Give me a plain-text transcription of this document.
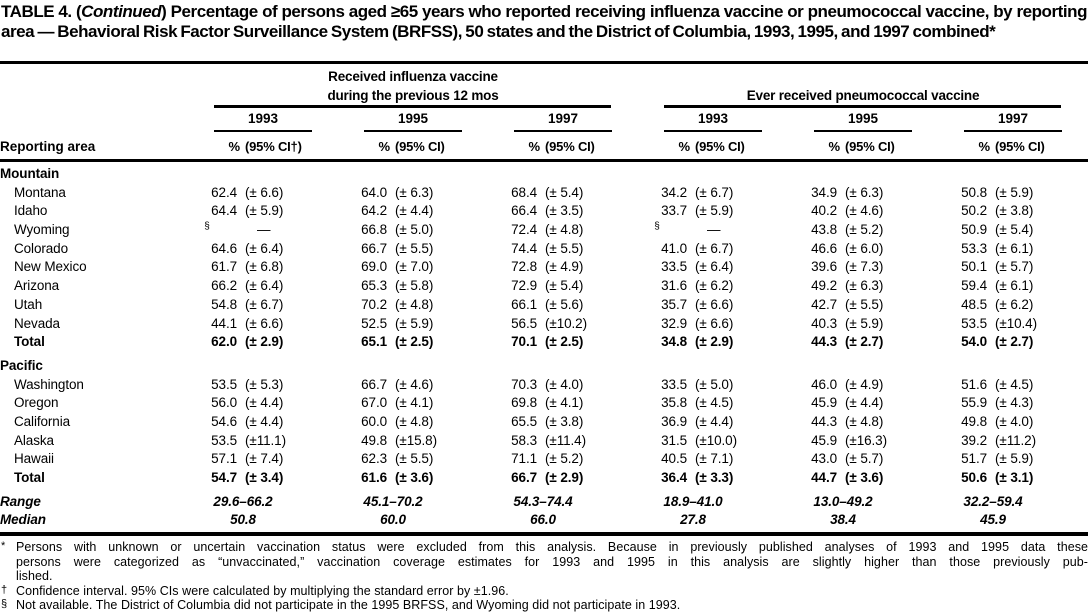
TABLE 4. (Continued) Percentage of persons aged ≥65 years who reported receiving influenza vaccine or pneumococcal vaccine, by reporting area — Behavioral Risk Factor Surveillance System (BRFSS), 50 states and the District of Columbia, 1993, 1995, and 1997 combined*
Received influenza vaccine
during the previous 12 mos	Ever received pneumococcal vaccine
1993	1995	1997	1993	1995	1997
%	%	%	%	%	%
(95% CI†)	(95% CI)	(95% CI)	(95% CI)	(95% CI)	(95% CI)
Reporting area
Mountain
Montana	62.4 (± 6.6)	64.0 (± 6.3)	68.4 (± 5.4)	34.2 (± 6.7)	34.9 (± 6.3)	50.8 (± 5.9)
Idaho	64.4 (± 5.9)	64.2 (± 4.4)	66.4 (± 3.5)	33.7 (± 5.9)	40.2 (± 4.6)	50.2 (± 3.8)
Wyoming	§	—	66.8 (± 5.0)	72.4 (± 4.8)	§	—	43.8 (± 5.2)	50.9 (± 5.4)
Colorado	64.6 (± 6.4)	66.7 (± 5.5)	74.4 (± 5.5)	41.0 (± 6.7)	46.6 (± 6.0)	53.3 (± 6.1)
New Mexico	61.7 (± 6.8)	69.0 (± 7.0)	72.8 (± 4.9)	33.5 (± 6.4)	39.6 (± 7.3)	50.1 (± 5.7)
Arizona	66.2 (± 6.4)	65.3 (± 5.8)	72.9 (± 5.4)	31.6 (± 6.2)	49.2 (± 6.3)	59.4 (± 6.1)
Utah	54.8 (± 6.7)	70.2 (± 4.8)	66.1 (± 5.6)	35.7 (± 6.6)	42.7 (± 5.5)	48.5 (± 6.2)
Nevada	44.1 (± 6.6)	52.5 (± 5.9)	56.5 (±10.2)	32.9 (± 6.6)	40.3 (± 5.9)	53.5 (±10.4)
Total	62.0 (± 2.9)	65.1 (± 2.5)	70.1 (± 2.5)	34.8 (± 2.9)	44.3 (± 2.7)	54.0 (± 2.7)
Pacific
Washington	53.5 (± 5.3)	66.7 (± 4.6)	70.3 (± 4.0)	33.5 (± 5.0)	46.0 (± 4.9)	51.6 (± 4.5)
Oregon	56.0 (± 4.4)	67.0 (± 4.1)	69.8 (± 4.1)	35.8 (± 4.5)	45.9 (± 4.4)	55.9 (± 4.3)
California	54.6 (± 4.4)	60.0 (± 4.8)	65.5 (± 3.8)	36.9 (± 4.4)	44.3 (± 4.8)	49.8 (± 4.0)
Alaska	53.5 (±11.1)	49.8 (±15.8)	58.3 (±11.4)	31.5 (±10.0)	45.9 (±16.3)	39.2 (±11.2)
Hawaii	57.1 (± 7.4)	62.3 (± 5.5)	71.1 (± 5.2)	40.5 (± 7.1)	43.0 (± 5.7)	51.7 (± 5.9)
Total	54.7 (± 3.4)	61.6 (± 3.6)	66.7 (± 2.9)	36.4 (± 3.3)	44.7 (± 3.6)	50.6 (± 3.1)
Range	29.6–66.2	45.1–70.2	54.3–74.4	18.9–41.0	13.0–49.2	32.2–59.4
Median	50.8	60.0	66.0	27.8	38.4	45.9
* Persons with unknown or uncertain vaccination status were excluded from this analysis. Because in previously published analyses of 1993 and 1995 data these
persons were categorized as “unvaccinated,” vaccination coverage estimates for 1993 and 1995 in this analysis are slightly higher than those previously pub-
lished.
† Confidence interval. 95% CIs were calculated by multiplying the standard error by ±1.96.
§ Not available. The District of Columbia did not participate in the 1995 BRFSS, and Wyoming did not participate in 1993.
